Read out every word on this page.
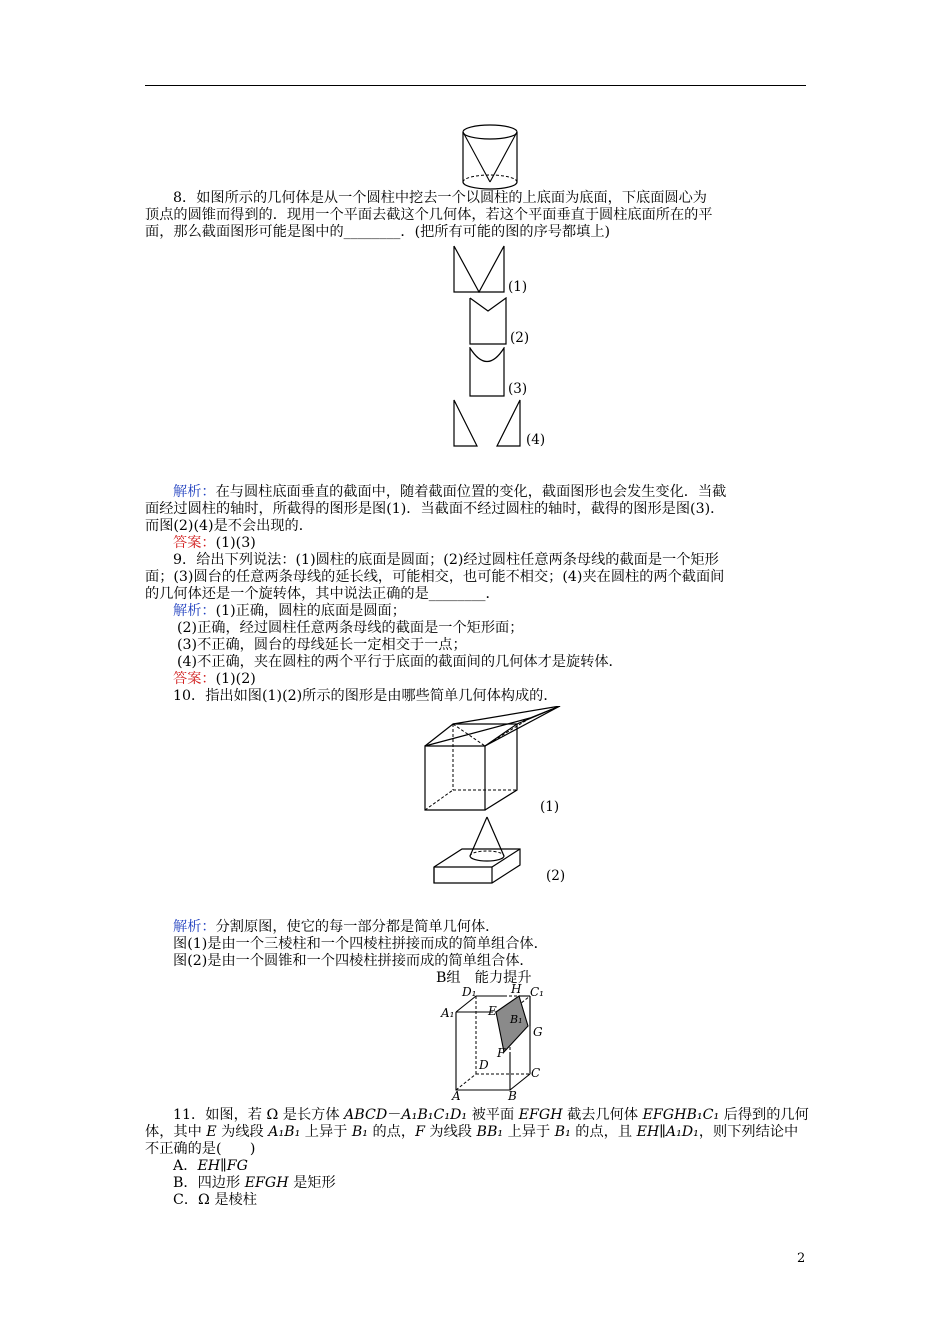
8．如图所示的几何体是从一个圆柱中挖去一个以圆柱的上底面为底面，下底面圆心为
顶点的圆锥而得到的．现用一个平面去截这个几何体，若这个平面垂直于圆柱底面所在的平
面，那么截面图形可能是图中的________．(把所有可能的图的序号都填上)
(1)
(2)
(3)
(4)
解析：在与圆柱底面垂直的截面中，随着截面位置的变化，截面图形也会发生变化．当截
面经过圆柱的轴时，所截得的图形是图(1)．当截面不经过圆柱的轴时，截得的图形是图(3)．
而图(2)(4)是不会出现的．
答案：(1)(3)
9．给出下列说法：(1)圆柱的底面是圆面；(2)经过圆柱任意两条母线的截面是一个矩形
面；(3)圆台的任意两条母线的延长线，可能相交，也可能不相交；(4)夹在圆柱的两个截面间
的几何体还是一个旋转体，其中说法正确的是________．
解析：(1)正确，圆柱的底面是圆面；
(2)正确，经过圆柱任意两条母线的截面是一个矩形面；
(3)不正确，圆台的母线延长一定相交于一点；
(4)不正确，夹在圆柱的两个平行于底面的截面间的几何体才是旋转体．
答案：(1)(2)
10．指出如图(1)(2)所示的图形是由哪些简单几何体构成的．
(1)
(2)
解析：分割原图，使它的每一部分都是简单几何体．
图(1)是由一个三棱柱和一个四棱柱拼接而成的简单组合体．
图(2)是由一个圆锥和一个四棱柱拼接而成的简单组合体．
B组　能力提升
D₁	H C₁
A₁	E
B₁
G
F
D
C
A	B
11．如图，若 Ω 是长方体 ABCD－A₁B₁C₁D₁ 被平面 EFGH 截去几何体 EFGHB₁C₁ 后得到的几何
体，其中 E 为线段 A₁B₁ 上异于 B₁ 的点，F 为线段 BB₁ 上异于 B₁ 的点，且 EH∥A₁D₁，则下列结论中
不正确的是(　　)
A．EH∥FG
B．四边形 EFGH 是矩形
C．Ω 是棱柱
2
